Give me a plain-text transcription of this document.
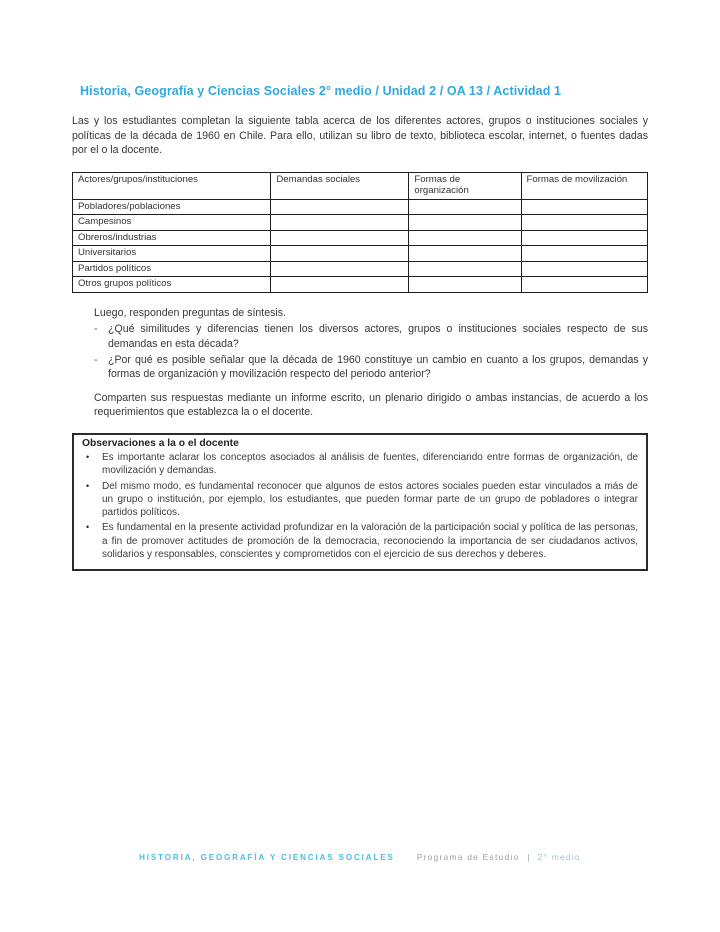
Historia, Geografía y Ciencias Sociales 2° medio / Unidad 2 / OA 13 / Actividad 1
Las y los estudiantes completan la siguiente tabla acerca de los diferentes actores, grupos o instituciones sociales y políticas de la década de 1960 en Chile. Para ello, utilizan su libro de texto, biblioteca escolar, internet, o fuentes dadas por el o la docente.
Actores/grupos/instituciones	Demandas sociales	Formas de organización	Formas de movilización
Pobladores/poblaciones			
Campesinos			
Obreros/industrias			
Universitarios			
Partidos políticos			
Otros grupos políticos			
Luego, responden preguntas de síntesis.
- ¿Qué similitudes y diferencias tienen los diversos actores, grupos o instituciones sociales respecto de sus demandas en esta década?
- ¿Por qué es posible señalar que la década de 1960 constituye un cambio en cuanto a los grupos, demandas y formas de organización y movilización respecto del periodo anterior?
Comparten sus respuestas mediante un informe escrito, un plenario dirigido o ambas instancias, de acuerdo a los requerimientos que establezca la o el docente.
Observaciones a la o el docente
•	Es importante aclarar los conceptos asociados al análisis de fuentes, diferenciando entre formas de organización, de movilización y demandas.
•	Del mismo modo, es fundamental reconocer que algunos de estos actores sociales pueden estar vinculados a más de un grupo o institución, por ejemplo, los estudiantes, que pueden formar parte de un grupo de pobladores o integrar partidos políticos.
•	Es fundamental en la presente actividad profundizar en la valoración de la participación social y política de las personas, a fin de promover actitudes de promoción de la democracia, reconociendo la importancia de ser ciudadanos activos, solidarios y responsables, conscientes y comprometidos con el ejercicio de sus derechos y deberes.
HISTORIA, GEOGRAFÍA Y CIENCIAS SOCIALES	Programa de Estudio | 2° medio
